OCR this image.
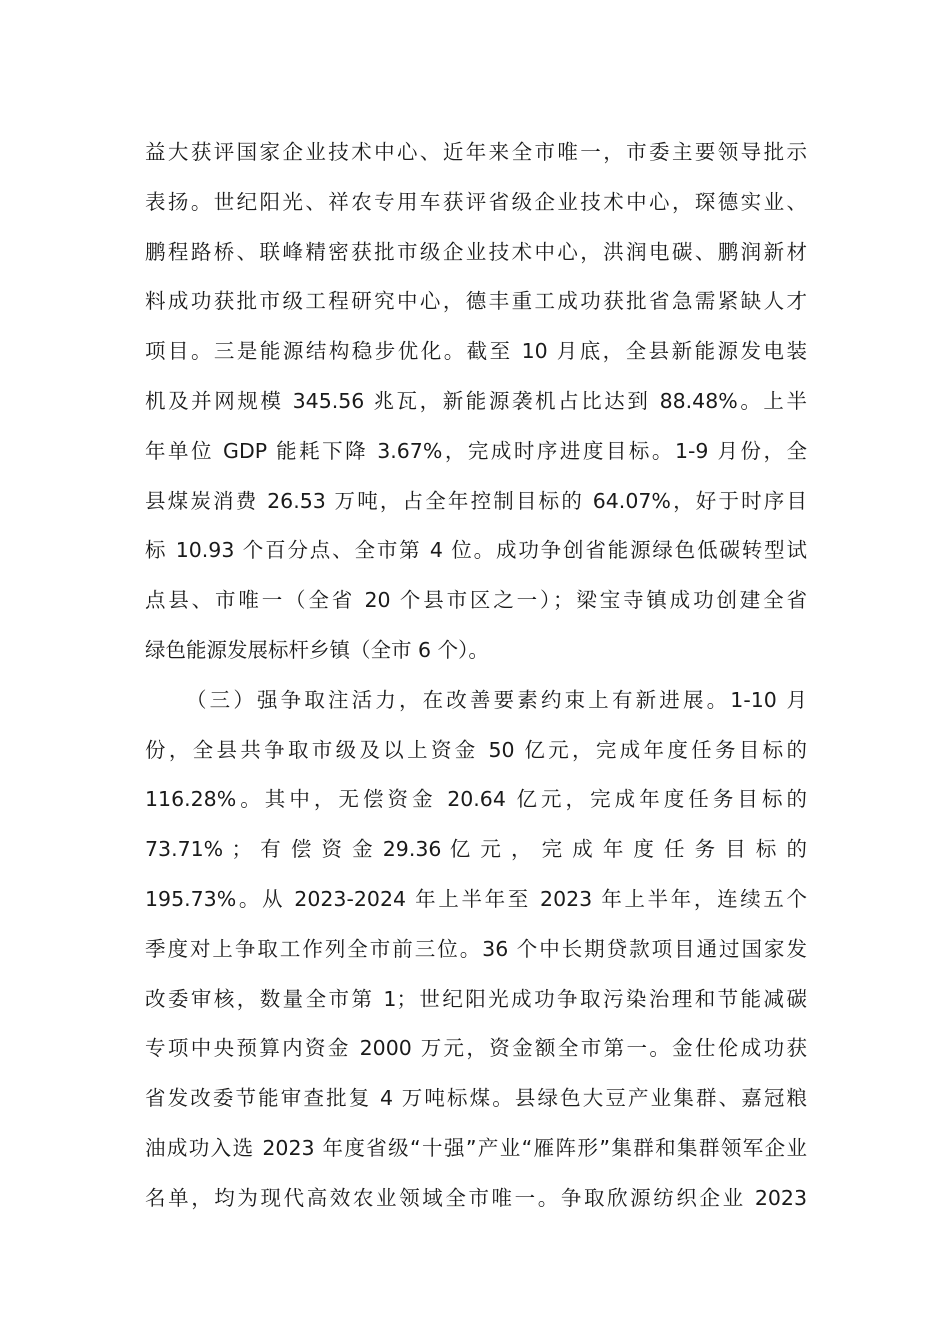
益大获评国家企业技术中心、近年来全市唯一，市委主要领导批示
表扬。世纪阳光、祥农专用车获评省级企业技术中心，琛德实业、
鹏程路桥、联峰精密获批市级企业技术中心，洪润电碳、鹏润新材
料成功获批市级工程研究中心，德丰重工成功获批省急需紧缺人才
项目。三是能源结构稳步优化。截至 10 月底，全县新能源发电装
机及并网规模 345.56 兆瓦，新能源袭机占比达到 88.48%。上半
年单位 GDP 能耗下降 3.67%，完成时序进度目标。1-9 月份，全
县煤炭消费 26.53 万吨，占全年控制目标的 64.07%，好于时序目
标 10.93 个百分点、全市第 4 位。成功争创省能源绿色低碳转型试
点县、市唯一（全省 20 个县市区之一）；梁宝寺镇成功创建全省
绿色能源发展标杆乡镇（全市 6 个）。
（三）强争取注活力，在改善要素约束上有新进展。1-10 月
份，全县共争取市级及以上资金 50 亿元，完成年度任务目标的
116.28%。其中，无偿资金 20.64 亿元，完成年度任务目标的
73.71% ； 有 偿 资 金 29.36 亿 元 ， 完 成 年 度 任 务 目 标 的
195.73%。从 2023-2024 年上半年至 2023 年上半年，连续五个
季度对上争取工作列全市前三位。36 个中长期贷款项目通过国家发
改委审核，数量全市第 1；世纪阳光成功争取污染治理和节能减碳
专项中央预算内资金 2000 万元，资金额全市第一。金仕伦成功获
省发改委节能审查批复 4 万吨标煤。县绿色大豆产业集群、嘉冠粮
油成功入选 2023 年度省级“十强”产业“雁阵形”集群和集群领军企业
名单，均为现代高效农业领域全市唯一。争取欣源纺织企业 2023
